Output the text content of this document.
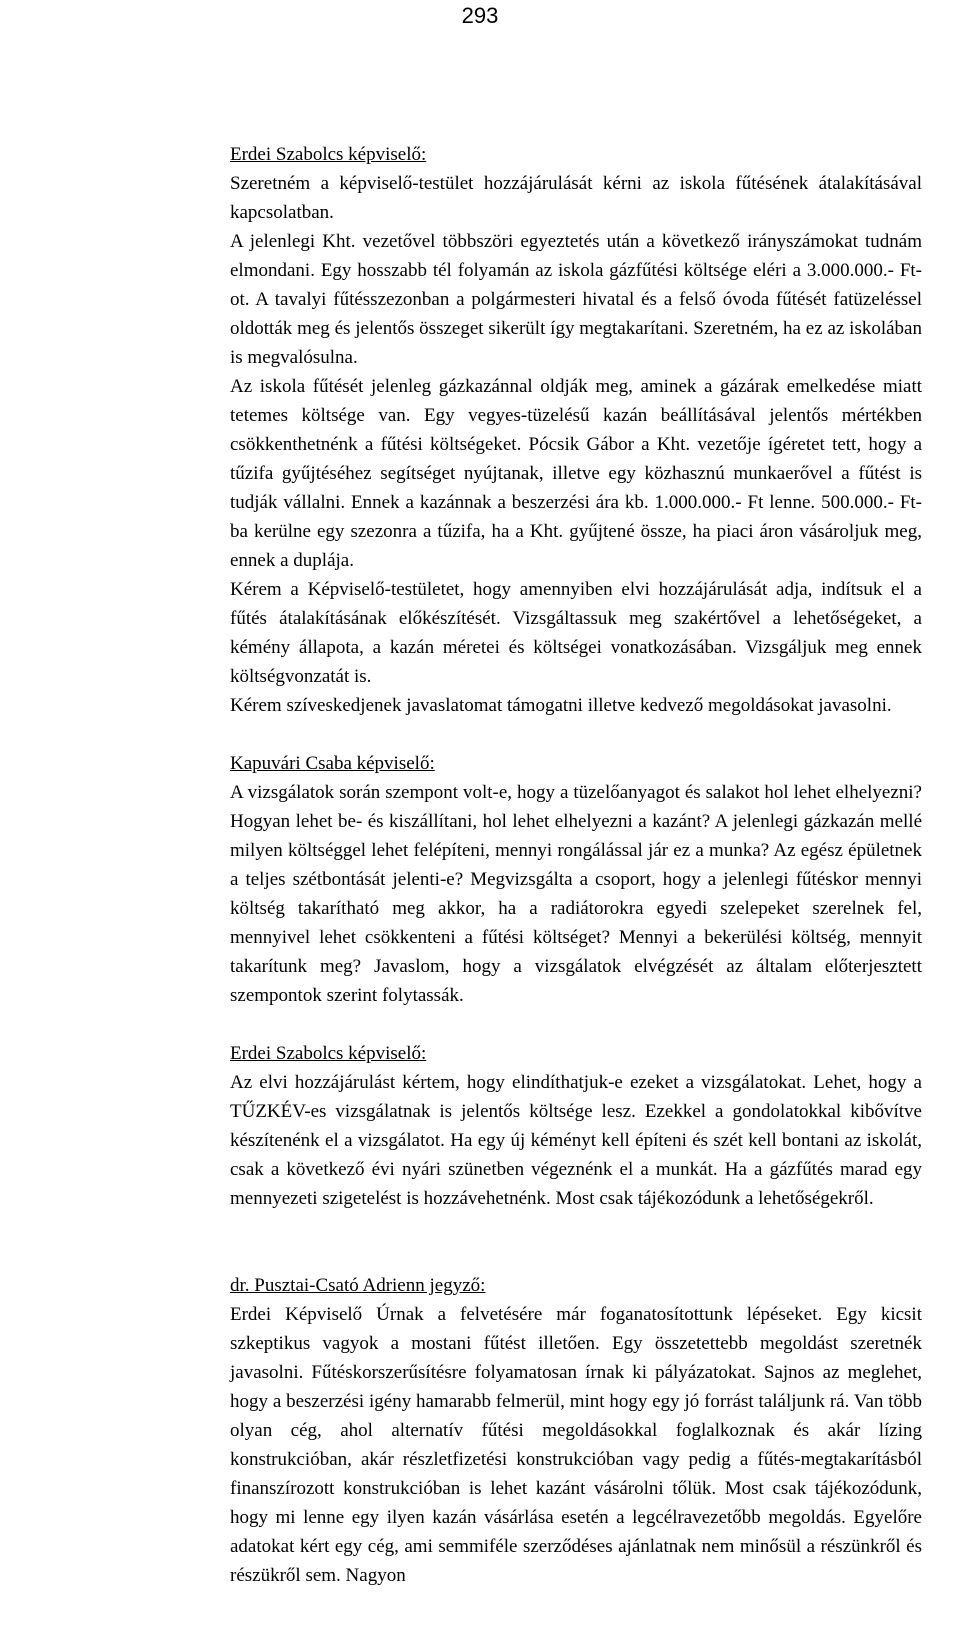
293
Erdei Szabolcs képviselő:

Szeretném a képviselő-testület hozzájárulását kérni az iskola fűtésének átalakításával kapcsolatban.

A jelenlegi Kht. vezetővel többszöri egyeztetés után a következő irányszámokat tudnám elmondani. Egy hosszabb tél folyamán az iskola gázfűtési költsége eléri a 3.000.000.- Ft-ot. A tavalyi fűtésszezonban a polgármesteri hivatal és a felső óvoda fűtését fatüzeléssel oldották meg és jelentős összeget sikerült így megtakarítani. Szeretném, ha ez az iskolában is megvalósulna.

Az iskola fűtését jelenleg gázkazánnal oldják meg, aminek a gázárak emelkedése miatt tetemes költsége van. Egy vegyes-tüzelésű kazán beállításával jelentős mértékben csökkenthetnénk a fűtési költségeket. Pócsik Gábor a Kht. vezetője ígéretet tett, hogy a tűzifa gyűjtéséhez segítséget nyújtanak, illetve egy közhasznú munkaerővel a fűtést is tudják vállalni. Ennek a kazánnak a beszerzési ára kb. 1.000.000.- Ft lenne. 500.000.- Ft-ba kerülne egy szezonra a tűzifa, ha a Kht. gyűjtené össze, ha piaci áron vásároljuk meg, ennek a duplája.

Kérem a Képviselő-testületet, hogy amennyiben elvi hozzájárulását adja, indítsuk el a fűtés átalakításának előkészítését. Vizsgáltassuk meg szakértővel a lehetőségeket, a kémény állapota, a kazán méretei és költségei vonatkozásában. Vizsgáljuk meg ennek költségvonzatát is.

Kérem szíveskedjenek javaslatomat támogatni illetve kedvező megoldásokat javasolni.

Kapuvári Csaba képviselő:

A vizsgálatok során szempont volt-e, hogy a tüzelőanyagot és salakot hol lehet elhelyezni? Hogyan lehet be- és kiszállítani, hol lehet elhelyezni a kazánt? A jelenlegi gázkazán mellé milyen költséggel lehet felépíteni, mennyi rongálással jár ez a munka? Az egész épületnek a teljes szétbontását jelenti-e? Megvizsgálta a csoport, hogy a jelenlegi fűtéskor mennyi költség takarítható meg akkor, ha a radiátorokra egyedi szelepeket szerelnek fel, mennyivel lehet csökkenteni a fűtési költséget? Mennyi a bekerülési költség, mennyit takarítunk meg? Javaslom, hogy a vizsgálatok elvégzését az általam előterjesztett szempontok szerint folytassák.

Erdei Szabolcs képviselő:

Az elvi hozzájárulást kértem, hogy elindíthatjuk-e ezeket a vizsgálatokat. Lehet, hogy a TŰZKÉV-es vizsgálatnak is jelentős költsége lesz. Ezekkel a gondolatokkal kibővítve készítenénk el a vizsgálatot. Ha egy új kéményt kell építeni és szét kell bontani az iskolát, csak a következő évi nyári szünetben végeznénk el a munkát. Ha a gázfűtés marad egy mennyezeti szigetelést is hozzávehetnénk. Most csak tájékozódunk a lehetőségekről.

dr. Pusztai-Csató Adrienn jegyző:

Erdei Képviselő Úrnak a felvetésére már foganatosítottunk lépéseket. Egy kicsit szkeptikus vagyok a mostani fűtést illetően. Egy összetettebb megoldást szeretnék javasolni. Fűtéskorszerűsítésre folyamatosan írnak ki pályázatokat. Sajnos az meglehet, hogy a beszerzési igény hamarabb felmerül, mint hogy egy jó forrást találjunk rá. Van több olyan cég, ahol alternatív fűtési megoldásokkal foglalkoznak és akár lízing konstrukcióban, akár részletfizetési konstrukcióban vagy pedig a fűtés-megtakarításból finanszírozott konstrukcióban is lehet kazánt vásárolni tőlük. Most csak tájékozódunk, hogy mi lenne egy ilyen kazán vásárlása esetén a legcélravezetőbb megoldás. Egyelőre adatokat kért egy cég, ami semmiféle szerződéses ajánlatnak nem minősül a részünkről és részükről sem. Nagyon
